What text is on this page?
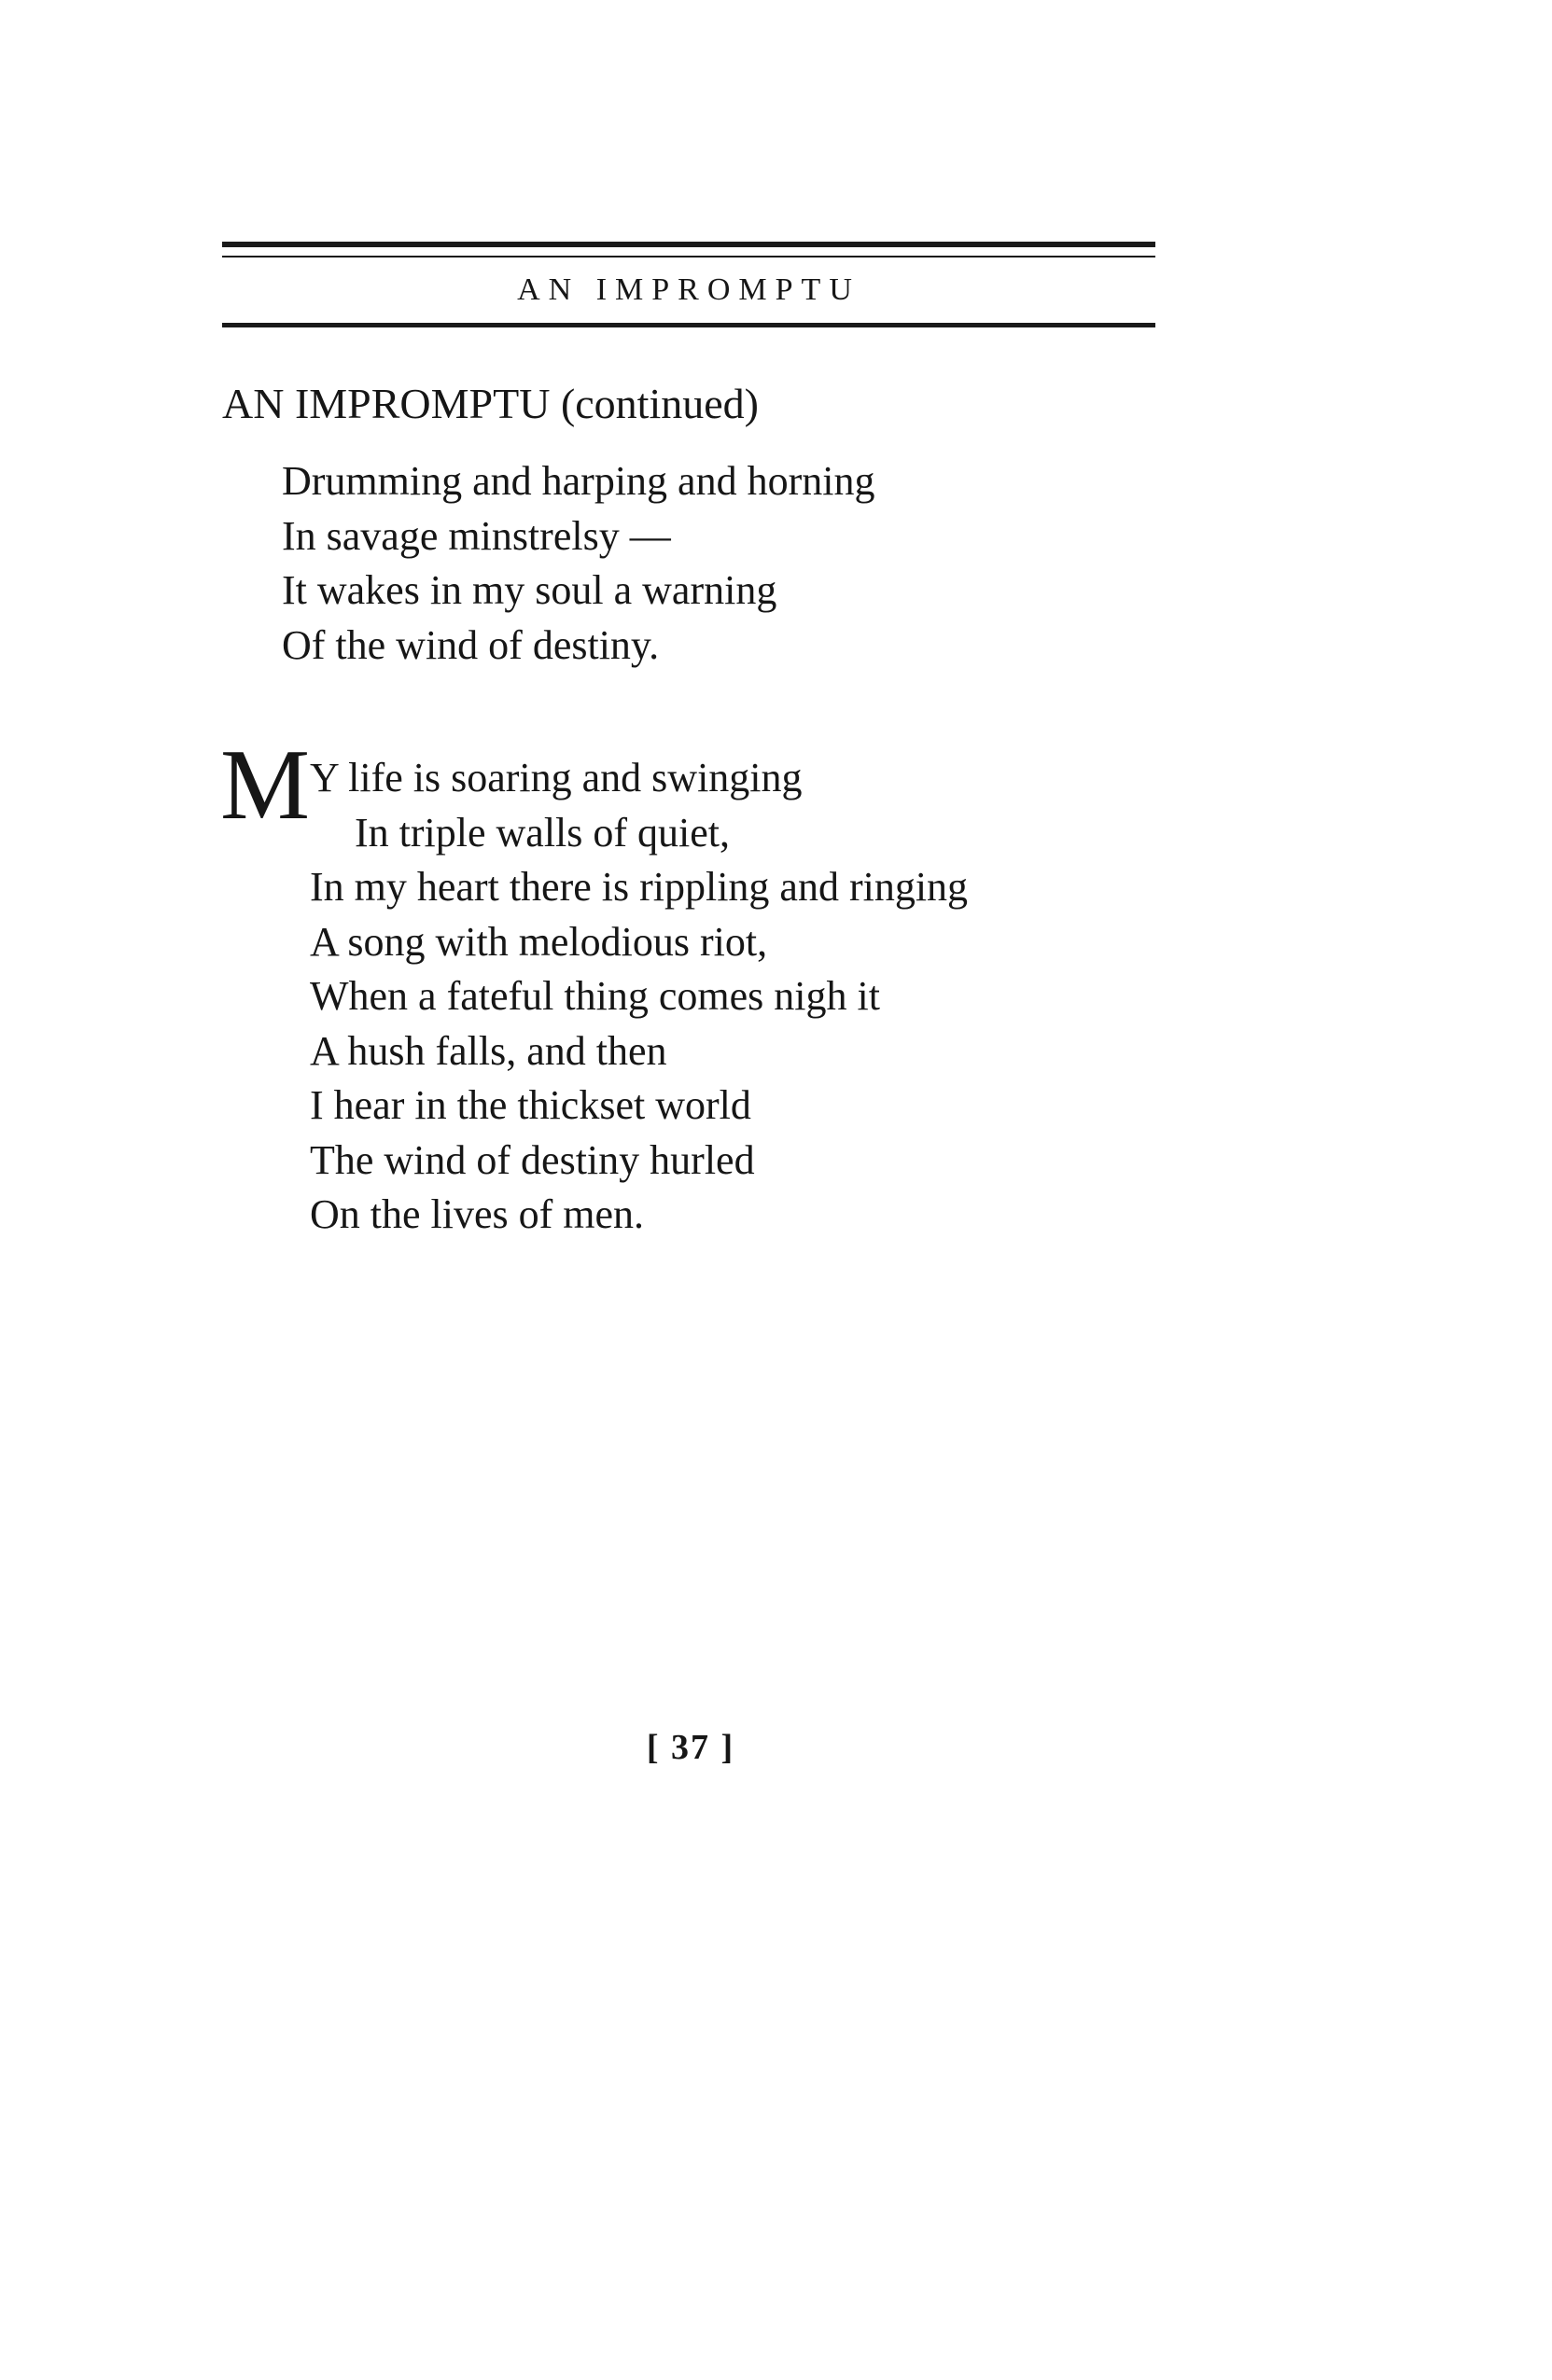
AN IMPROMPTU
AN IMPROMPTU (continued)
Drumming and harping and horning
In savage minstrelsy —
It wakes in my soul a warning
Of the wind of destiny.
M Y life is soaring and swinging
In triple walls of quiet,
In my heart there is rippling and ringing
A song with melodious riot,
When a fateful thing comes nigh it
A hush falls, and then
I hear in the thickset world
The wind of destiny hurled
On the lives of men.
[ 37 ]
